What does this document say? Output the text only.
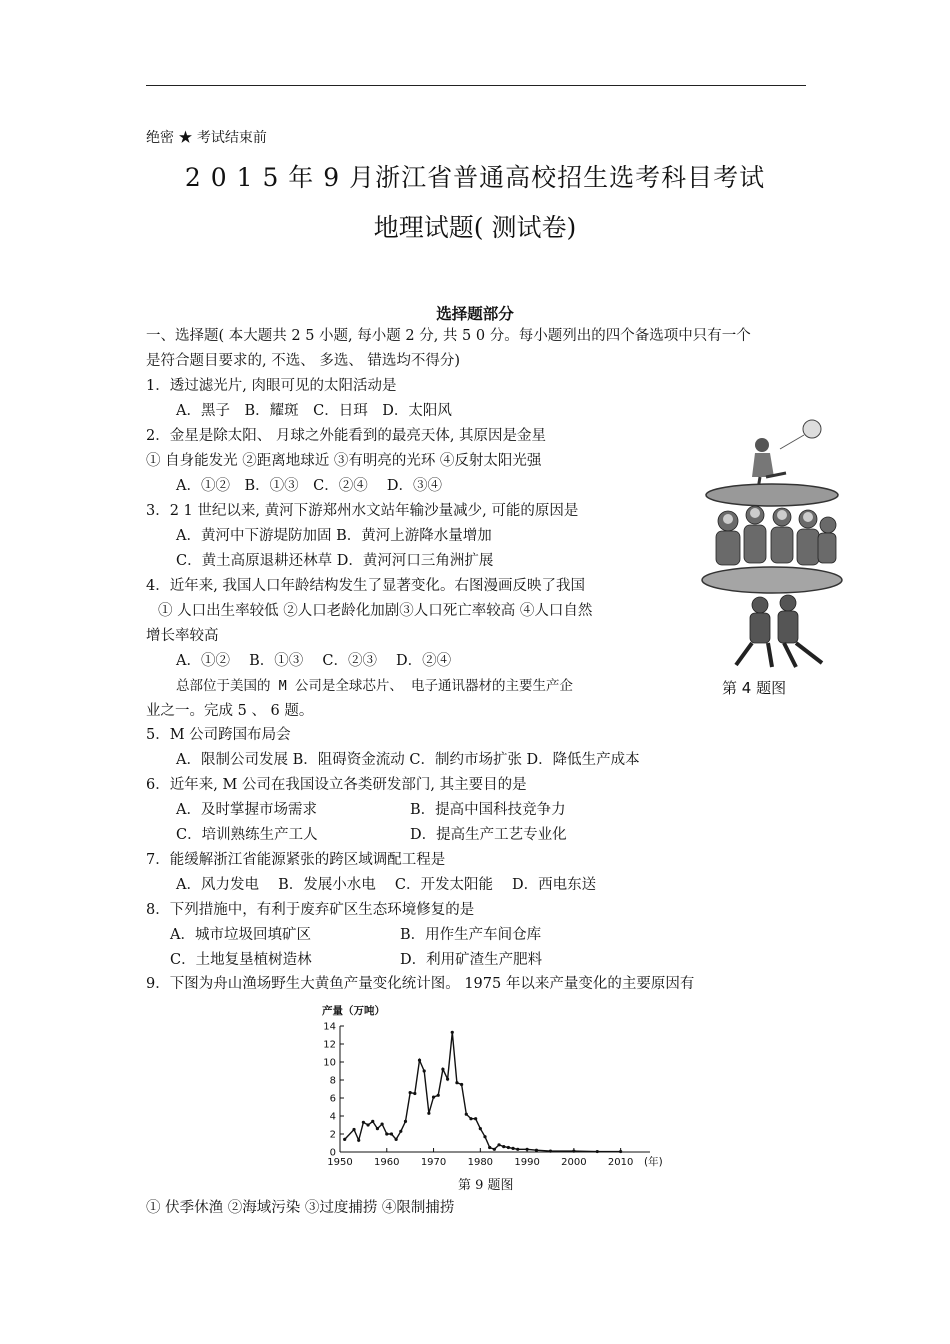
绝密 ★ 考试结束前
2 0 1 5 年 9 月浙江省普通高校招生选考科目考试
地理试题( 测试卷)
选择题部分
一、选择题( 本大题共 2 5 小题, 每小题 2 分, 共 5 0 分。每小题列出的四个备选项中只有一个
是符合题目要求的, 不选、 多选、 错选均不得分)
1．透过滤光片, 肉眼可见的太阳活动是
A．黑子　B．耀斑　C．日珥　D．太阳风
2．金星是除太阳、 月球之外能看到的最亮天体, 其原因是金星
① 自身能发光 ②距离地球近 ③有明亮的光环 ④反射太阳光强
A．①②　B．①③　C．②④　 D．③④
3．2 1 世纪以来, 黄河下游郑州水文站年输沙量减少, 可能的原因是
A．黄河中下游堤防加固 B．黄河上游降水量增加
C．黄土高原退耕还林草 D．黄河河口三角洲扩展
4．近年来, 我国人口年龄结构发生了显著变化。右图漫画反映了我国
① 人口出生率较低 ②人口老龄化加剧③人口死亡率较高 ④人口自然
增长率较高
A．①②　 B．①③　 C．②③　 D．②④
总部位于美国的 M 公司是全球芯片、 电子通讯器材的主要生产企
业之一。完成 5 、 6 题。
5．M 公司跨国布局会
A．限制公司发展 B．阻碍资金流动 C．制约市场扩张 D．降低生产成本
6．近年来, M 公司在我国设立各类研发部门, 其主要目的是
A．及时掌握市场需求	B．提高中国科技竞争力
C．培训熟练生产工人	D．提高生产工艺专业化
7．能缓解浙江省能源紧张的跨区域调配工程是
A．风力发电　 B．发展小水电　 C．开发太阳能　 D．西电东送
8．下列措施中，有利于废弃矿区生态环境修复的是
A．城市垃圾回填矿区	B．用作生产车间仓库
C．土地复垦植树造林	D．利用矿渣生产肥料
9．下图为舟山渔场野生大黄鱼产量变化统计图。 1975 年以来产量变化的主要原因有
第 4 题图
产量（万吨）
0
2
4
6
8
10
12
14
1950 1960 1970 1980 1990 2000 2010 (年)
第 9 题图
① 伏季休渔 ②海域污染 ③过度捕捞 ④限制捕捞
